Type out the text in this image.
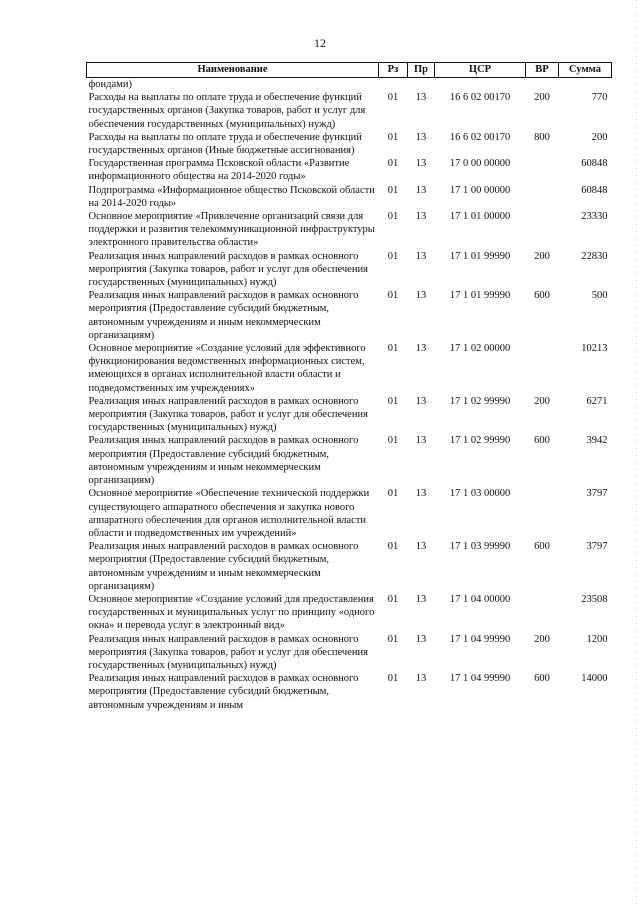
12
Наименование	Рз	Пр	ЦСР	ВР	Сумма
фондами)					
Расходы на выплаты по оплате труда и обеспечение функций государственных органов (Закупка товаров, работ и услуг для обеспечения государственных (муниципальных) нужд)	01	13	16 6 02 00170	200	770
Расходы на выплаты по оплате труда и обеспечение функций государственных органов (Иные бюджетные ассигнования)	01	13	16 6 02 00170	800	200
Государственная программа Псковской области «Развитие информационного общества на 2014-2020 годы»	01	13	17 0 00 00000		60848
Подпрограмма «Информационное общество Псковской области на 2014-2020 годы»	01	13	17 1 00 00000		60848
Основное мероприятие «Привлечение организаций связи для поддержки и развития телекоммуникационной инфраструктуры электронного правительства области»	01	13	17 1 01 00000		23330
Реализация иных направлений расходов в рамках основного мероприятия (Закупка товаров, работ и услуг для обеспечения государственных (муниципальных) нужд)	01	13	17 1 01 99990	200	22830
Реализация иных направлений расходов в рамках основного мероприятия (Предоставление субсидий бюджетным, автономным учреждениям и иным некоммерческим организациям)	01	13	17 1 01 99990	600	500
Основное мероприятие «Создание условий для эффективного функционирования ведомственных информационных систем, имеющихся в органах исполнительной власти области и подведомственных им учреждениях»	01	13	17 1 02 00000		10213
Реализация иных направлений расходов в рамках основного мероприятия (Закупка товаров, работ и услуг для обеспечения государственных (муниципальных) нужд)	01	13	17 1 02 99990	200	6271
Реализация иных направлений расходов в рамках основного мероприятия (Предоставление субсидий бюджетным, автономным учреждениям и иным некоммерческим организациям)	01	13	17 1 02 99990	600	3942
Основное мероприятие «Обеспечение технической поддержки существующего аппаратного обеспечения и закупка нового аппаратного обеспечения для органов исполнительной власти области и подведомственных им учреждений»	01	13	17 1 03 00000		3797
Реализация иных направлений расходов в рамках основного мероприятия (Предоставление субсидий бюджетным, автономным учреждениям и иным некоммерческим организациям)	01	13	17 1 03 99990	600	3797
Основное мероприятие «Создание условий для предоставления государственных и муниципальных услуг по принципу «одного окна» и перевода услуг в электронный вид»	01	13	17 1 04 00000		23508
Реализация иных направлений расходов в рамках основного мероприятия (Закупка товаров, работ и услуг для обеспечения государственных (муниципальных) нужд)	01	13	17 1 04 99990	200	1200
Реализация иных направлений расходов в рамках основного мероприятия (Предоставление субсидий бюджетным, автономным учреждениям и иным	01	13	17 1 04 99990	600	14000
